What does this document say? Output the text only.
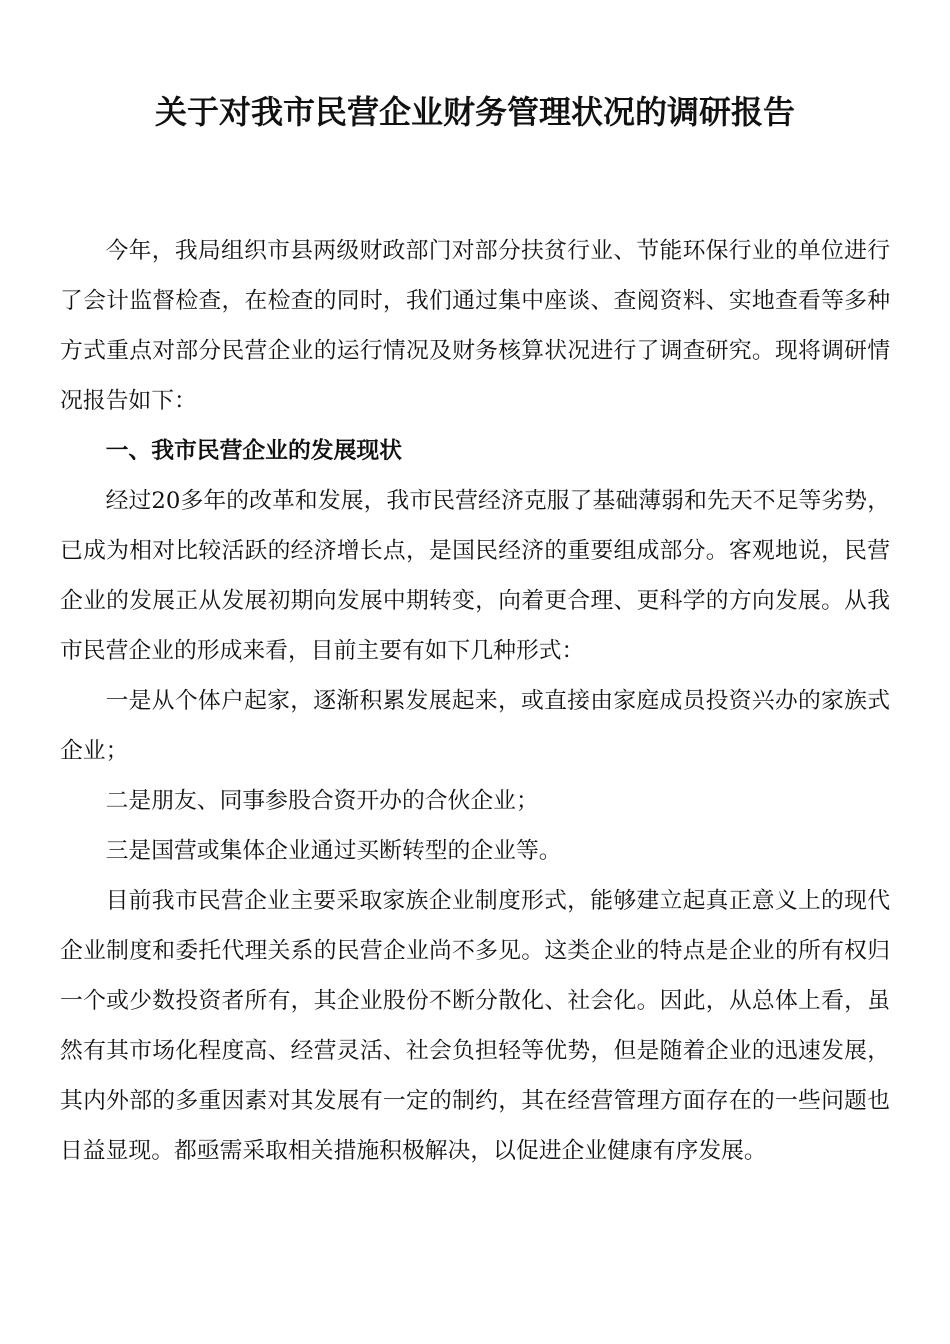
关于对我市民营企业财务管理状况的调研报告

今年，我局组织市县两级财政部门对部分扶贫行业、节能环保行业的单位进行了会计监督检查，在检查的同时，我们通过集中座谈、查阅资料、实地查看等多种方式重点对部分民营企业的运行情况及财务核算状况进行了调查研究。现将调研情况报告如下：

一、我市民营企业的发展现状

经过20多年的改革和发展，我市民营经济克服了基础薄弱和先天不足等劣势，已成为相对比较活跃的经济增长点，是国民经济的重要组成部分。客观地说，民营企业的发展正从发展初期向发展中期转变，向着更合理、更科学的方向发展。从我市民营企业的形成来看，目前主要有如下几种形式：

一是从个体户起家，逐渐积累发展起来，或直接由家庭成员投资兴办的家族式企业；

二是朋友、同事参股合资开办的合伙企业；

三是国营或集体企业通过买断转型的企业等。

目前我市民营企业主要采取家族企业制度形式，能够建立起真正意义上的现代企业制度和委托代理关系的民营企业尚不多见。这类企业的特点是企业的所有权归一个或少数投资者所有，其企业股份不断分散化、社会化。因此，从总体上看，虽然有其市场化程度高、经营灵活、社会负担轻等优势，但是随着企业的迅速发展，其内外部的多重因素对其发展有一定的制约，其在经营管理方面存在的一些问题也日益显现。都亟需采取相关措施积极解决，以促进企业健康有序发展。
